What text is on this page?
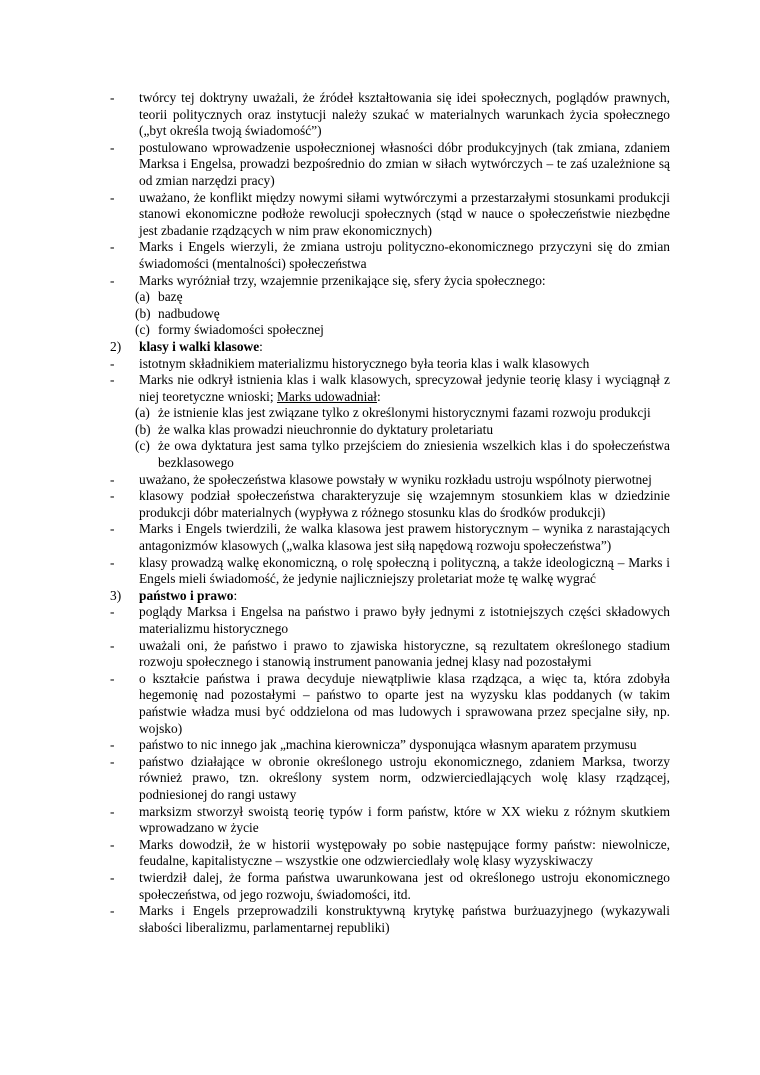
- twórcy tej doktryny uważali, że źródeł kształtowania się idei społecznych, poglądów prawnych, teorii politycznych oraz instytucji należy szukać w materialnych warunkach życia społecznego („byt określa twoją świadomość”)
- postulowano wprowadzenie uspołecznionej własności dóbr produkcyjnych (tak zmiana, zdaniem Marksa i Engelsa, prowadzi bezpośrednio do zmian w siłach wytwórczych – te zaś uzależnione są od zmian narzędzi pracy)
- uważano, że konflikt między nowymi siłami wytwórczymi a przestarzałymi stosunkami produkcji stanowi ekonomiczne podłoże rewolucji społecznych (stąd w nauce o społeczeństwie niezbędne jest zbadanie rządzących w nim praw ekonomicznych)
- Marks i Engels wierzyli, że zmiana ustroju polityczno-ekonomicznego przyczyni się do zmian świadomości (mentalności) społeczeństwa
- Marks wyróżniał trzy, wzajemnie przenikające się, sfery życia społecznego:
(a) bazę
(b) nadbudowę
(c) formy świadomości społecznej
2) klasy i walki klasowe:
- istotnym składnikiem materializmu historycznego była teoria klas i walk klasowych
- Marks nie odkrył istnienia klas i walk klasowych, sprecyzował jedynie teorię klasy i wyciągnął z niej teoretyczne wnioski; Marks udowadniał:
(a) że istnienie klas jest związane tylko z określonymi historycznymi fazami rozwoju produkcji
(b) że walka klas prowadzi nieuchronnie do dyktatury proletariatu
(c) że owa dyktatura jest sama tylko przejściem do zniesienia wszelkich klas i do społeczeństwa bezklasowego
- uważano, że społeczeństwa klasowe powstały w wyniku rozkładu ustroju wspólnoty pierwotnej
- klasowy podział społeczeństwa charakteryzuje się wzajemnym stosunkiem klas w dziedzinie produkcji dóbr materialnych (wypływa z różnego stosunku klas do środków produkcji)
- Marks i Engels twierdzili, że walka klasowa jest prawem historycznym – wynika z narastających antagonizmów klasowych („walka klasowa jest siłą napędową rozwoju społeczeństwa”)
- klasy prowadzą walkę ekonomiczną, o rolę społeczną i polityczną, a także ideologiczną – Marks i Engels mieli świadomość, że jedynie najliczniejszy proletariat może tę walkę wygrać
3) państwo i prawo:
- poglądy Marksa i Engelsa na państwo i prawo były jednymi z istotniejszych części składowych materializmu historycznego
- uważali oni, że państwo i prawo to zjawiska historyczne, są rezultatem określonego stadium rozwoju społecznego i stanowią instrument panowania jednej klasy nad pozostałymi
- o kształcie państwa i prawa decyduje niewątpliwie klasa rządząca, a więc ta, która zdobyła hegemonię nad pozostałymi – państwo to oparte jest na wyzysku klas poddanych (w takim państwie władza musi być oddzielona od mas ludowych i sprawowana przez specjalne siły, np. wojsko)
- państwo to nic innego jak „machina kierownicza” dysponująca własnym aparatem przymusu
- państwo działające w obronie określonego ustroju ekonomicznego, zdaniem Marksa, tworzy również prawo, tzn. określony system norm, odzwierciedlających wolę klasy rządzącej, podniesionej do rangi ustawy
- marksizm stworzył swoistą teorię typów i form państw, które w XX wieku z różnym skutkiem wprowadzano w życie
- Marks dowodził, że w historii występowały po sobie następujące formy państw: niewolnicze, feudalne, kapitalistyczne – wszystkie one odzwierciedlały wolę klasy wyzyskiwaczy
- twierdził dalej, że forma państwa uwarunkowana jest od określonego ustroju ekonomicznego społeczeństwa, od jego rozwoju, świadomości, itd.
- Marks i Engels przeprowadzili konstruktywną krytykę państwa burżuazyjnego (wykazywali słabości liberalizmu, parlamentarnej republiki)
